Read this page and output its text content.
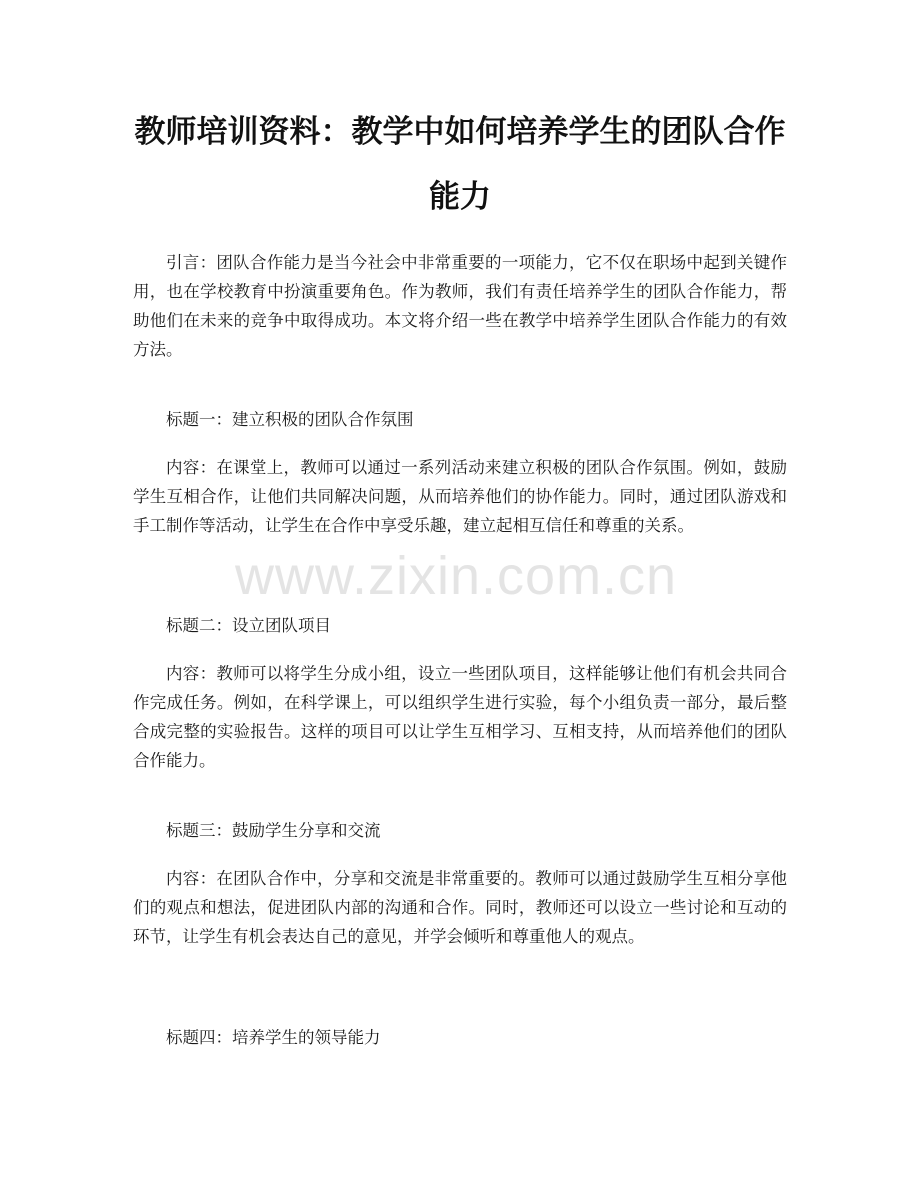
教师培训资料：教学中如何培养学生的团队合作能力

引言：团队合作能力是当今社会中非常重要的一项能力，它不仅在职场中起到关键作用，也在学校教育中扮演重要角色。作为教师，我们有责任培养学生的团队合作能力，帮助他们在未来的竞争中取得成功。本文将介绍一些在教学中培养学生团队合作能力的有效方法。

标题一：建立积极的团队合作氛围

内容：在课堂上，教师可以通过一系列活动来建立积极的团队合作氛围。例如，鼓励学生互相合作，让他们共同解决问题，从而培养他们的协作能力。同时，通过团队游戏和手工制作等活动，让学生在合作中享受乐趣，建立起相互信任和尊重的关系。

标题二：设立团队项目

内容：教师可以将学生分成小组，设立一些团队项目，这样能够让他们有机会共同合作完成任务。例如，在科学课上，可以组织学生进行实验，每个小组负责一部分，最后整合成完整的实验报告。这样的项目可以让学生互相学习、互相支持，从而培养他们的团队合作能力。

标题三：鼓励学生分享和交流

内容：在团队合作中，分享和交流是非常重要的。教师可以通过鼓励学生互相分享他们的观点和想法，促进团队内部的沟通和合作。同时，教师还可以设立一些讨论和互动的环节，让学生有机会表达自己的意见，并学会倾听和尊重他人的观点。

标题四：培养学生的领导能力

www.zixin.com.cn
